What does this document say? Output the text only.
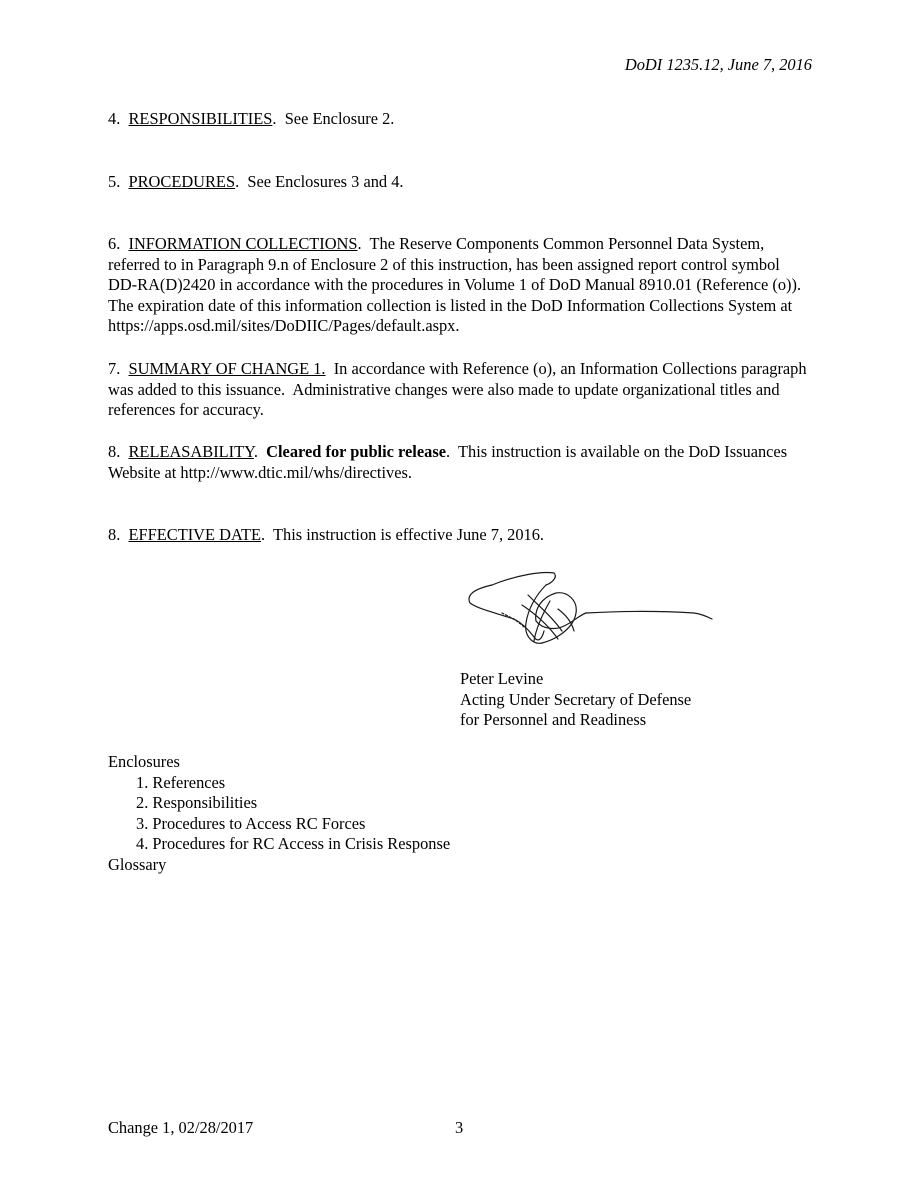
DoDI 1235.12, June 7, 2016
4. RESPONSIBILITIES.  See Enclosure 2.
5. PROCEDURES.  See Enclosures 3 and 4.
6. INFORMATION COLLECTIONS.  The Reserve Components Common Personnel Data System, referred to in Paragraph 9.n of Enclosure 2 of this instruction, has been assigned report control symbol DD-RA(D)2420 in accordance with the procedures in Volume 1 of DoD Manual 8910.01 (Reference (o)).  The expiration date of this information collection is listed in the DoD Information Collections System at https://apps.osd.mil/sites/DoDIIC/Pages/default.aspx.
7. SUMMARY OF CHANGE 1.  In accordance with Reference (o), an Information Collections paragraph was added to this issuance.  Administrative changes were also made to update organizational titles and references for accuracy.
8. RELEASABILITY.  Cleared for public release.  This instruction is available on the DoD Issuances Website at http://www.dtic.mil/whs/directives.
8. EFFECTIVE DATE.  This instruction is effective June 7, 2016.
Peter Levine
Acting Under Secretary of Defense
for Personnel and Readiness
Enclosures
1. References
2. Responsibilities
3. Procedures to Access RC Forces
4. Procedures for RC Access in Crisis Response
Glossary
Change 1, 02/28/2017	3
